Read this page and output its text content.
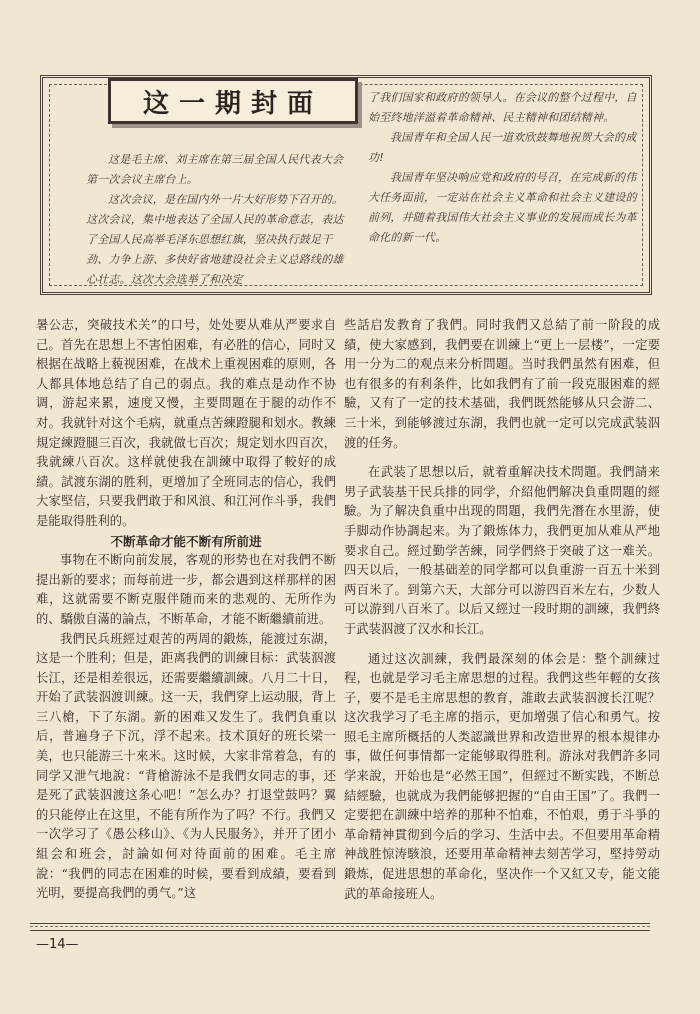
这一期封面

这是毛主席、刘主席在第三届全国人民代表大会第一次会议主席台上。

这次会议，是在国内外一片大好形势下召开的。这次会议，集中地表达了全国人民的革命意志，表达了全国人民高举毛泽东思想红旗，坚决执行鼓足干劲、力争上游、多快好省地建设社会主义总路线的雄心壮志。这次大会选举了和决定

了我们国家和政府的领导人。在会议的整个过程中，自始至终地洋溢着革命精神、民主精神和团结精神。

我国青年和全国人民一道欢欣鼓舞地祝贺大会的成功!

我国青年坚决响应党和政府的号召，在完成新的伟大任务面前，一定站在社会主义革命和社会主义建设的前列，并随着我国伟大社会主义事业的发展而成长为革命化的新一代。

暑公志，突破技术关”的口号，处处要从难从严要求自己。首先在思想上不害怕困难，有必胜的信心，同时又根据在战略上藐视困难，在战术上重视困难的原则，各人都具体地总结了自己的弱点。我的难点是动作不协调，游起来累，速度又慢，主要問題在于腿的动作不对。我就针对这个毛病，就重点苦練蹬腿和划水。教練規定練蹬腿三百次，我就做七百次；規定划水四百次，我就練八百次。这样就使我在訓練中取得了較好的成績。試渡东湖的胜利，更增加了全班同志的信心，我們大家堅信，只要我們敢于和风浪、和江河作斗爭，我們是能取得胜利的。

不断革命才能不断有所前进

事物在不断向前发展，客观的形势也在对我們不断提出新的要求；而每前进一步，都会遇到这样那样的困难，这就需要不断克服伴随而来的悲观的、无所作为的、驕傲自滿的論点，不断革命，才能不断繼續前进。

我們民兵班經过艰苦的两周的鍛炼，能渡过东湖，这是一个胜利；但是，距离我們的训練目标：武装泅渡长江，还是相差很远，还需要繼續訓練。八月二十日，开始了武装泅渡训練。这一天，我們穿上运动服，背上三八槍，下了东湖。新的困难又发生了。我們負重以后，普遍身子下沉，浮不起来。技术頂好的班长梁一美，也只能游三十來米。这时候，大家非常着急，有的同学又泄气地說：“背槍游泳不是我們女同志的事，还是死了武装泅渡这条心吧！”怎么办？打退堂鼓吗？翼的只能停止在这里，不能有所作为了吗？不行。我們又一次学习了《愚公移山》、《为人民服务》，并开了团小組会和班会，討論如何对待面前的困难。毛主席說：“我們的同志在困难的时候，要看到成績，要看到光明，要提高我們的勇气。”这

些話启发教育了我們。同时我們又总結了前一阶段的成績，使大家感到，我們要在训練上“更上一层楼”，一定要用一分为二的观点来分析問題。当时我們虽然有困难，但也有很多的有利条件，比如我們有了前一段克服困难的經驗，又有了一定的技术基础，我們既然能够从只会游二、三十米，到能够渡过东湖，我們也就一定可以完成武装泅渡的任务。

在武装了思想以后，就着重解决技术問題。我們請来男子武装基干民兵排的同学，介紹他們解决負重問題的經驗。为了解决負重中出现的問題，我們先潛在水里游，使手脚动作协調起来。为了鍛炼体力，我們更加从难从严地要求自己。經过勤学苦練，同学們終于突破了这一难关。四天以后，一般基础差的同学都可以負重游一百五十米到两百米了。到第六天，大部分可以游四百米左右，少数人可以游到八百米了。以后又經过一段时期的訓練，我們終于武装泅渡了汉水和长江。

通过这次訓練，我們最深刻的体会是：整个訓練过程，也就是学习毛主席思想的过程。我們这些年輕的女孩子，要不是毛主席思想的教育，誰敢去武装泅渡长江呢？这次我学习了毛主席的指示，更加增强了信心和勇气。按照毛主席所概括的人类認識世界和改造世界的根本規律办事，做任何事情都一定能够取得胜利。游泳对我們許多同学来說，开始也是“必然王国”，但經过不断实践，不断总結經驗，也就成为我們能够把握的“自由王国”了。我們一定要把在訓練中培养的那种不怕难，不怕艰，勇于斗爭的革命精神貫彻到今后的学习、生活中去。不但要用革命精神战胜惊涛駭浪，还要用革命精神去刻苦学习，堅持勞动鍛炼，促进思想的革命化，坚决作一个又紅又专，能文能武的革命接班人。

—14—
